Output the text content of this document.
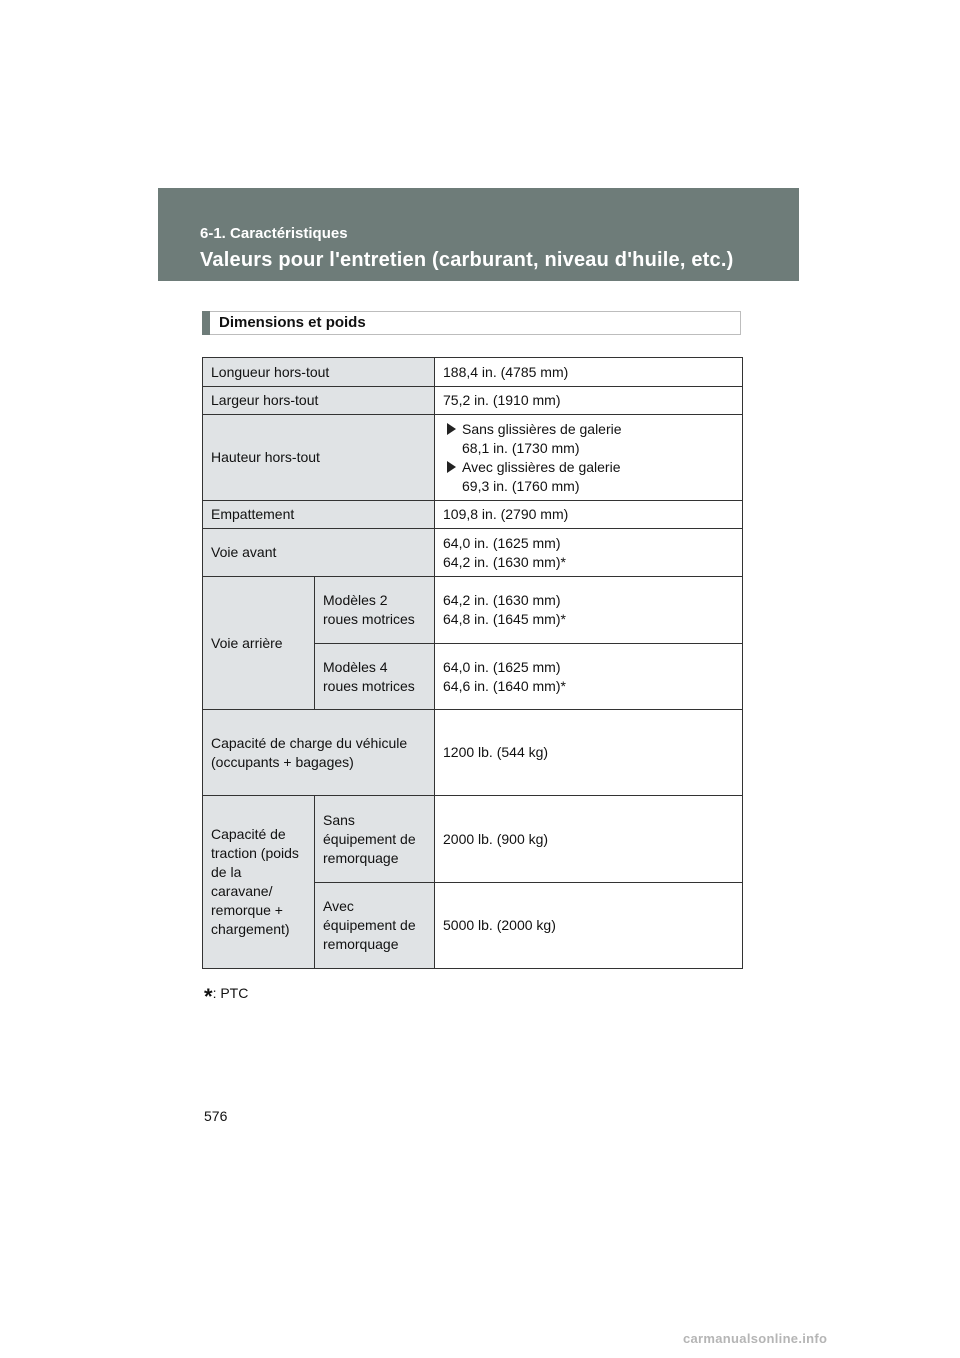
6-1. Caractéristiques
Valeurs pour l'entretien (carburant, niveau d'huile, etc.)
Dimensions et poids
Longueur hors-tout		188,4 in. (4785 mm)
Largeur hors-tout		75,2 in. (1910 mm)
Hauteur hors-tout		Sans glissières de galerie
68,1 in. (1730 mm)
Avec glissières de galerie
69,3 in. (1760 mm)

Empattement		109,8 in. (2790 mm)
Voie avant		64,0 in. (1625 mm)
64,2 in. (1630 mm)*
Voie arrière	Modèles 2 roues motrices	64,2 in. (1630 mm)
64,8 in. (1645 mm)*
	Modèles 4 roues motrices	64,0 in. (1625 mm)
64,6 in. (1640 mm)*
Capacité de charge du véhicule (occupants + bagages)		1200 lb. (544 kg)
Capacité de traction (poids de la caravane/ remorque + chargement)	Sans équipement de remorquage	2000 lb. (900 kg)
	Avec équipement de remorquage	5000 lb. (2000 kg)
*: PTC
576
carmanualsonline.info
